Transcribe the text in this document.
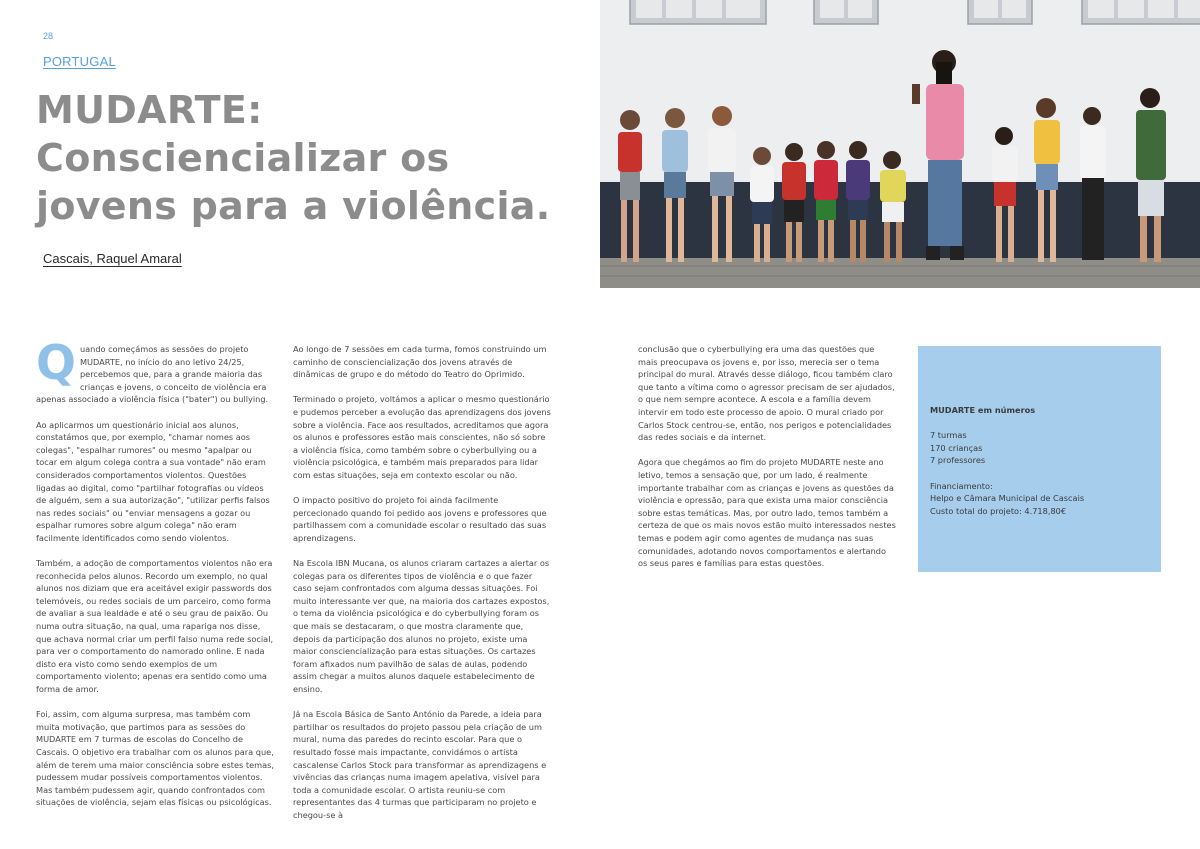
28
PORTUGAL
MUDARTE:
Consciencializar os
jovens para a violência.
Cascais, Raquel Amaral

Quando começámos as sessões do projeto MUDARTE, no início do ano letivo 24/25, percebemos que, para a grande maioria das crianças e jovens, o conceito de violência era apenas associado a violência física ("bater") ou bullying.

Ao aplicarmos um questionário inicial aos alunos, constatámos que, por exemplo, "chamar nomes aos colegas", "espalhar rumores" ou mesmo "apalpar ou tocar em algum colega contra a sua vontade" não eram considerados comportamentos violentos. Questões ligadas ao digital, como "partilhar fotografias ou vídeos de alguém, sem a sua autorização", "utilizar perfis falsos nas redes sociais" ou "enviar mensagens a gozar ou espalhar rumores sobre algum colega" não eram facilmente identificados como sendo violentos.

Também, a adoção de comportamentos violentos não era reconhecida pelos alunos. Recordo um exemplo, no qual alunos nos diziam que era aceitável exigir passwords dos telemóveis, ou redes sociais de um parceiro, como forma de avaliar a sua lealdade e até o seu grau de paixão. Ou numa outra situação, na qual, uma rapariga nos disse, que achava normal criar um perfil falso numa rede social, para ver o comportamento do namorado online. E nada disto era visto como sendo exemplos de um comportamento violento; apenas era sentido como uma forma de amor.

Foi, assim, com alguma surpresa, mas também com muita motivação, que partimos para as sessões do MUDARTE em 7 turmas de escolas do Concelho de Cascais. O objetivo era trabalhar com os alunos para que, além de terem uma maior consciência sobre estes temas, pudessem mudar possíveis comportamentos violentos. Mas também pudessem agir, quando confrontados com situações de violência, sejam elas físicas ou psicológicas.

Ao longo de 7 sessões em cada turma, fomos construindo um caminho de consciencialização dos jovens através de dinâmicas de grupo e do método do Teatro do Oprimido.

Terminado o projeto, voltámos a aplicar o mesmo questionário e pudemos perceber a evolução das aprendizagens dos jovens sobre a violência. Face aos resultados, acreditamos que agora os alunos e professores estão mais conscientes, não só sobre a violência física, como também sobre o cyberbullying ou a violência psicológica, e também mais preparados para lidar com estas situações, seja em contexto escolar ou não.

O impacto positivo do projeto foi ainda facilmente percecionado quando foi pedido aos jovens e professores que partilhassem com a comunidade escolar o resultado das suas aprendizagens.

Na Escola IBN Mucana, os alunos criaram cartazes a alertar os colegas para os diferentes tipos de violência e o que fazer caso sejam confrontados com alguma dessas situações. Foi muito interessante ver que, na maioria dos cartazes expostos, o tema da violência psicológica e do cyberbullying foram os que mais se destacaram, o que mostra claramente que, depois da participação dos alunos no projeto, existe uma maior consciencialização para estas situações. Os cartazes foram afixados num pavilhão de salas de aulas, podendo assim chegar a muitos alunos daquele estabelecimento de ensino.

Já na Escola Básica de Santo António da Parede, a ideia para partilhar os resultados do projeto passou pela criação de um mural, numa das paredes do recinto escolar. Para que o resultado fosse mais impactante, convidámos o artista cascalense Carlos Stock para transformar as aprendizagens e vivências das crianças numa imagem apelativa, visível para toda a comunidade escolar. O artista reuniu-se com representantes das 4 turmas que participaram no projeto e chegou-se à

conclusão que o cyberbullying era uma das questões que mais preocupava os jovens e, por isso, merecia ser o tema principal do mural. Através desse diálogo, ficou também claro que tanto a vítima como o agressor precisam de ser ajudados, o que nem sempre acontece. A escola e a família devem intervir em todo este processo de apoio. O mural criado por Carlos Stock centrou-se, então, nos perigos e potencialidades das redes sociais e da internet.

Agora que chegámos ao fim do projeto MUDARTE neste ano letivo, temos a sensação que, por um lado, é realmente importante trabalhar com as crianças e jovens as questões da violência e opressão, para que exista uma maior consciência sobre estas temáticas. Mas, por outro lado, temos também a certeza de que os mais novos estão muito interessados nestes temas e podem agir como agentes de mudança nas suas comunidades, adotando novos comportamentos e alertando os seus pares e famílias para estas questões.

MUDARTE em números
7 turmas
170 crianças
7 professores
Financiamento:
Helpo e Câmara Municipal de Cascais
Custo total do projeto: 4.718,80€
